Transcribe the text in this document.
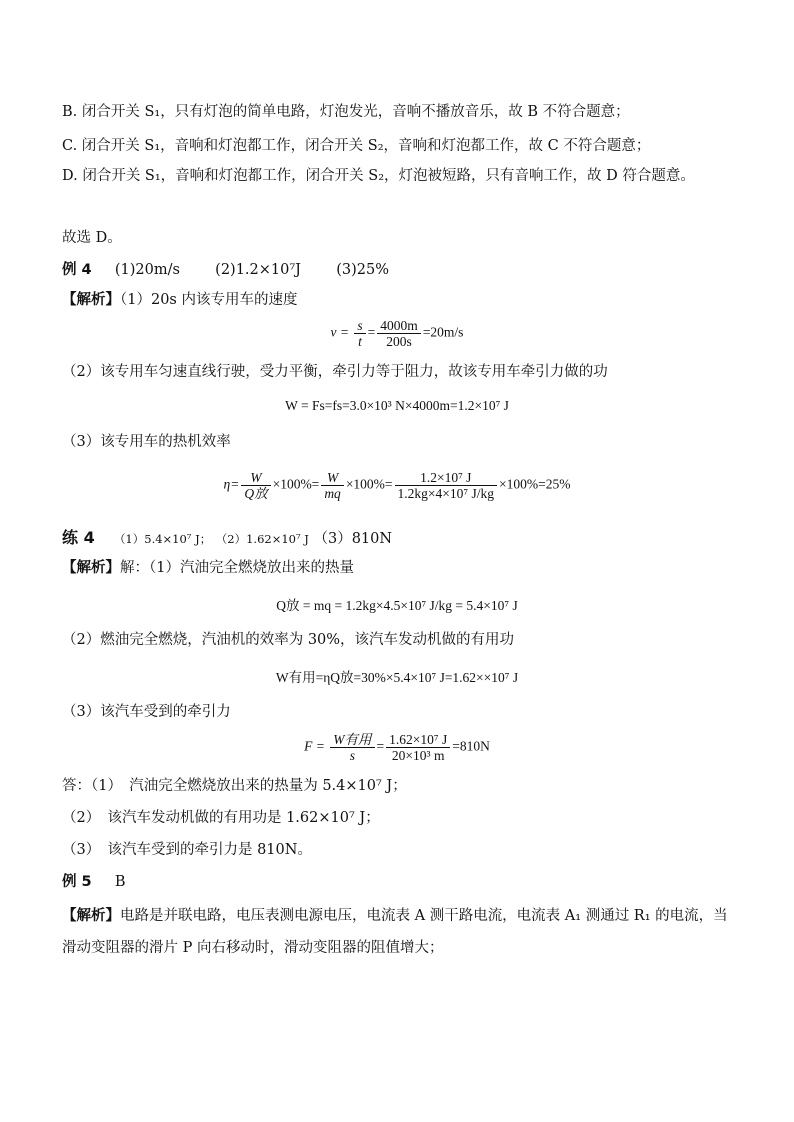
B. 闭合开关 S₁，只有灯泡的简单电路，灯泡发光，音响不播放音乐，故 B 不符合题意；
C. 闭合开关 S₁，音响和灯泡都工作，闭合开关 S₂，音响和灯泡都工作，故 C 不符合题意；
D. 闭合开关 S₁，音响和灯泡都工作，闭合开关 S₂，灯泡被短路，只有音响工作，故 D 符合题意。
故选 D。
例 4 (1)20m/s (2)1.2×10⁷J (3)25%
【解析】（1）20s 内该专用车的速度
$v = \frac{s}{t} = \frac{4000m}{200s} =20m/s$
（2）该专用车匀速直线行驶，受力平衡，牵引力等于阻力，故该专用车牵引力做的功
W = Fs=fs=3.0×10³ N×4000m=1.2×10⁷ J
（3）该专用车的热机效率
$\eta= \frac{W}{\text{Q放}} \times 100\%= \frac{W}{mq} \times 100\%= \frac{\text{1.2×10⁷ J}}{\text{1.2kg×4×10⁷ J/kg}} \times 100\%=25\%$
练 4 （1）5.4×10⁷ J； （2）1.62×10⁷ J （3）810N
【解析】解：（1）汽油完全燃烧放出来的热量
Q放 = mq = 1.2kg×4.5×10⁷ J/kg = 5.4×10⁷ J
（2）燃油完全燃烧，汽油机的效率为 30%，该汽车发动机做的有用功
W有用=ηQ放=30%×5.4×10⁷ J=1.62××10⁷ J
（3）该汽车受到的牵引力
$F = \frac{\text{W有用}}{s} = \frac{\text{1.62×10⁷ J}}{\text{20×10³ m}} =810N$
答：（1）　汽油完全燃烧放出来的热量为 5.4×10⁷ J；
（2）　该汽车发动机做的有用功是 1.62×10⁷ J；
（3）　该汽车受到的牵引力是 810N。
例 5 B
【解析】电路是并联电路，电压表测电源电压，电流表 A 测干路电流，电流表 A₁ 测通过 R₁ 的电流，当滑动变阻器的滑片 P 向右移动时，滑动变阻器的阻值增大；
